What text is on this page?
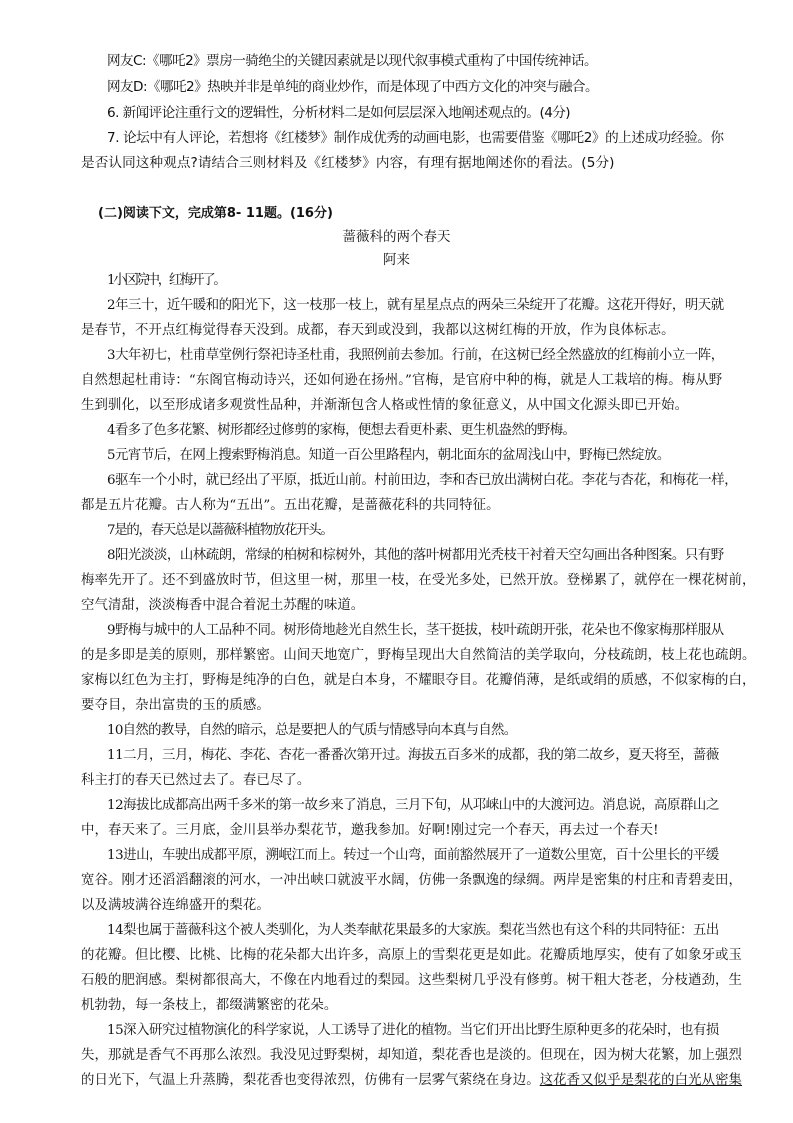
网友C:《哪吒2》票房一骑绝尘的关键因素就是以现代叙事模式重构了中国传统神话。
网友D:《哪吒2》热映并非是单纯的商业炒作，而是体现了中西方文化的冲突与融合。
6. 新闻评论注重行文的逻辑性，分析材料二是如何层层深入地阐述观点的。(4分)
7. 论坛中有人评论，若想将《红楼梦》制作成优秀的动画电影，也需要借鉴《哪吒2》的上述成功经验。你
是否认同这种观点?请结合三则材料及《红楼梦》内容，有理有据地阐述你的看法。(5分)
(二)阅读下文，完成第8- 11题。(16分)
蔷薇科的两个春天
阿来
1小区院中，红梅开了。
2年三十，近午暖和的阳光下，这一枝那一枝上，就有星星点点的两朵三朵绽开了花瓣。这花开得好，明天就
是春节，不开点红梅觉得春天没到。成都，春天到或没到，我都以这树红梅的开放，作为良体标志。
3大年初七，杜甫草堂例行祭祀诗圣杜甫，我照例前去参加。行前，在这树已经全然盛放的红梅前小立一阵，
自然想起杜甫诗：“东阁官梅动诗兴，还如何逊在扬州。”官梅，是官府中种的梅，就是人工栽培的梅。梅从野
生到驯化，以至形成诸多观赏性品种，并渐渐包含人格或性情的象征意义，从中国文化源头即已开始。
4看多了色多花繁、树形都经过修剪的家梅，便想去看更朴素、更生机盎然的野梅。
5元宵节后，在网上搜索野梅消息。知道一百公里路程内，朝北面东的盆周浅山中，野梅已然绽放。
6驱车一个小时，就已经出了平原，抵近山前。村前田边，李和杏已放出满树白花。李花与杏花，和梅花一样，
都是五片花瓣。古人称为“五出”。五出花瓣，是蔷薇花科的共同特征。
7是的，春天总是以蔷薇科植物放花开头。
8阳光淡淡，山林疏朗，常绿的柏树和棕树外，其他的落叶树都用光秃枝干衬着天空勾画出各种图案。只有野
梅率先开了。还不到盛放时节，但这里一树，那里一枝，在受光多处，已然开放。登梯累了，就停在一棵花树前，
空气清甜，淡淡梅香中混合着泥土苏醒的味道。
9野梅与城中的人工品种不同。树形倚地趁光自然生长，茎干挺拔，枝叶疏朗开张，花朵也不像家梅那样服从
的是多即是美的原则，那样繁密。山间天地宽广，野梅呈现出大自然简洁的美学取向，分枝疏朗，枝上花也疏朗。
家梅以红色为主打，野梅是纯净的白色，就是白本身，不耀眼夺目。花瓣俏薄，是纸或绢的质感，不似家梅的白，
要夺目，杂出富贵的玉的质感。
10自然的教导，自然的暗示，总是要把人的气质与情感导向本真与自然。
11二月，三月，梅花、李花、杏花一番番次第开过。海拔五百多米的成都，我的第二故乡，夏天将至，蔷薇
科主打的春天已然过去了。春已尽了。
12海拔比成都高出两千多米的第一故乡来了消息，三月下旬，从邛崃山中的大渡河边。消息说，高原群山之
中，春天来了。三月底，金川县举办梨花节，邀我参加。好啊!刚过完一个春天，再去过一个春天!
13进山，车驶出成都平原，溯岷江而上。转过一个山弯，面前豁然展开了一道数公里宽，百十公里长的平缓
宽谷。刚才还滔滔翻滚的河水，一冲出峡口就波平水阔，仿佛一条飘逸的绿绸。两岸是密集的村庄和青碧麦田，
以及满坡满谷连绵盛开的梨花。
14梨也属于蔷薇科这个被人类驯化，为人类奉献花果最多的大家族。梨花当然也有这个科的共同特征：五出
的花瓣。但比樱、比桃、比梅的花朵都大出许多，高原上的雪梨花更是如此。花瓣质地厚实，使有了如象牙或玉
石般的肥润感。梨树都很高大，不像在内地看过的梨园。这些梨树几乎没有修剪。树干粗大苍老，分枝遒劲，生
机勃勃，每一条枝上，都缀满繁密的花朵。
15深入研究过植物演化的科学家说，人工诱导了进化的植物。当它们开出比野生原种更多的花朵时，也有损
失，那就是香气不再那么浓烈。我没见过野梨树，却知道，梨花香也是淡的。但现在，因为树大花繁，加上强烈
的日光下，气温上升蒸腾，梨花香也变得浓烈，仿佛有一层雾气萦绕在身边。这花香又似乎是梨花的白光从密集
